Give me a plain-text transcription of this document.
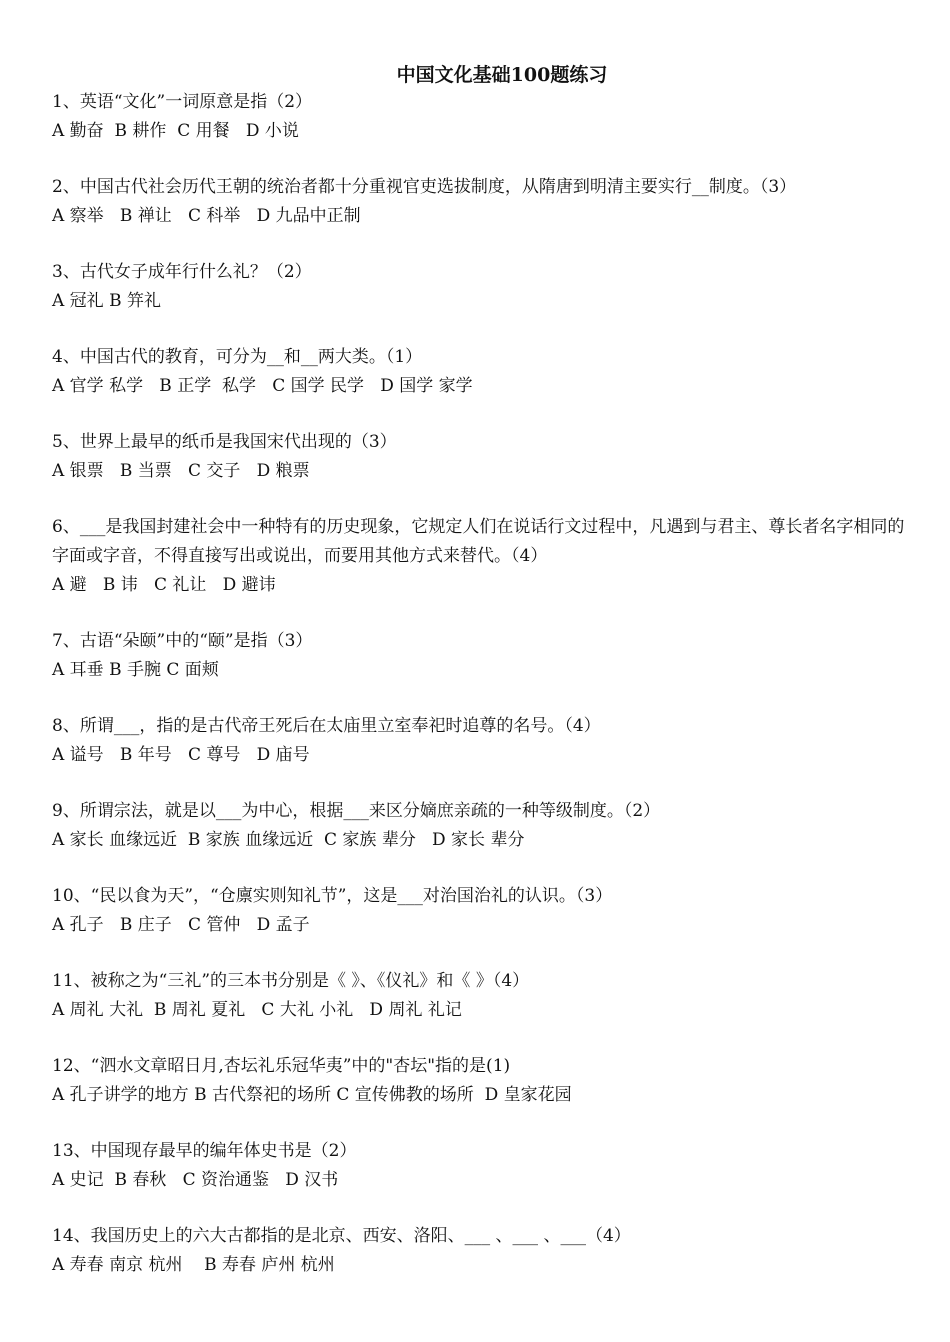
中国文化基础100题练习
1、英语“文化”一词原意是指（2）
A 勤奋  B 耕作  C 用餐   D 小说
2、中国古代社会历代王朝的统治者都十分重视官吏选拔制度，从隋唐到明清主要实行__制度。（3）
A 察举   B 禅让   C 科举   D 九品中正制
3、古代女子成年行什么礼？（2）
A 冠礼 B 笄礼
4、中国古代的教育，可分为__和__两大类。（1）
A 官学 私学   B 正学  私学   C 国学 民学   D 国学 家学
5、世界上最早的纸币是我国宋代出现的（3）
A 银票   B 当票   C 交子   D 粮票
6、___是我国封建社会中一种特有的历史现象，它规定人们在说话行文过程中，凡遇到与君主、尊长者名字相同的字面或字音，不得直接写出或说出，而要用其他方式来替代。（4）
A 避   B 讳   C 礼让   D 避讳
7、古语“朵颐”中的“颐”是指（3）
A 耳垂 B 手腕 C 面颊
8、所谓___，指的是古代帝王死后在太庙里立室奉祀时追尊的名号。（4）
A 谥号   B 年号   C 尊号   D 庙号
9、所谓宗法，就是以___为中心，根据___来区分嫡庶亲疏的一种等级制度。（2）
A 家长 血缘远近  B 家族 血缘远近  C 家族 辈分   D 家长 辈分
10、“民以食为天”，“仓廪实则知礼节”，这是___对治国治礼的认识。（3）
A 孔子   B 庄子   C 管仲   D 孟子
11、被称之为“三礼”的三本书分别是《 》、《仪礼》和《 》（4）
A 周礼 大礼  B 周礼 夏礼   C 大礼 小礼   D 周礼 礼记
12、“泗水文章昭日月,杏坛礼乐冠华夷”中的"杏坛"指的是(1)
A 孔子讲学的地方 B 古代祭祀的场所 C 宣传佛教的场所  D 皇家花园
13、中国现存最早的编年体史书是（2）
A 史记  B 春秋   C 资治通鉴   D 汉书
14、我国历史上的六大古都指的是北京、西安、洛阳、___ 、___ 、___（4）
A 寿春 南京 杭州    B 寿春 庐州 杭州
